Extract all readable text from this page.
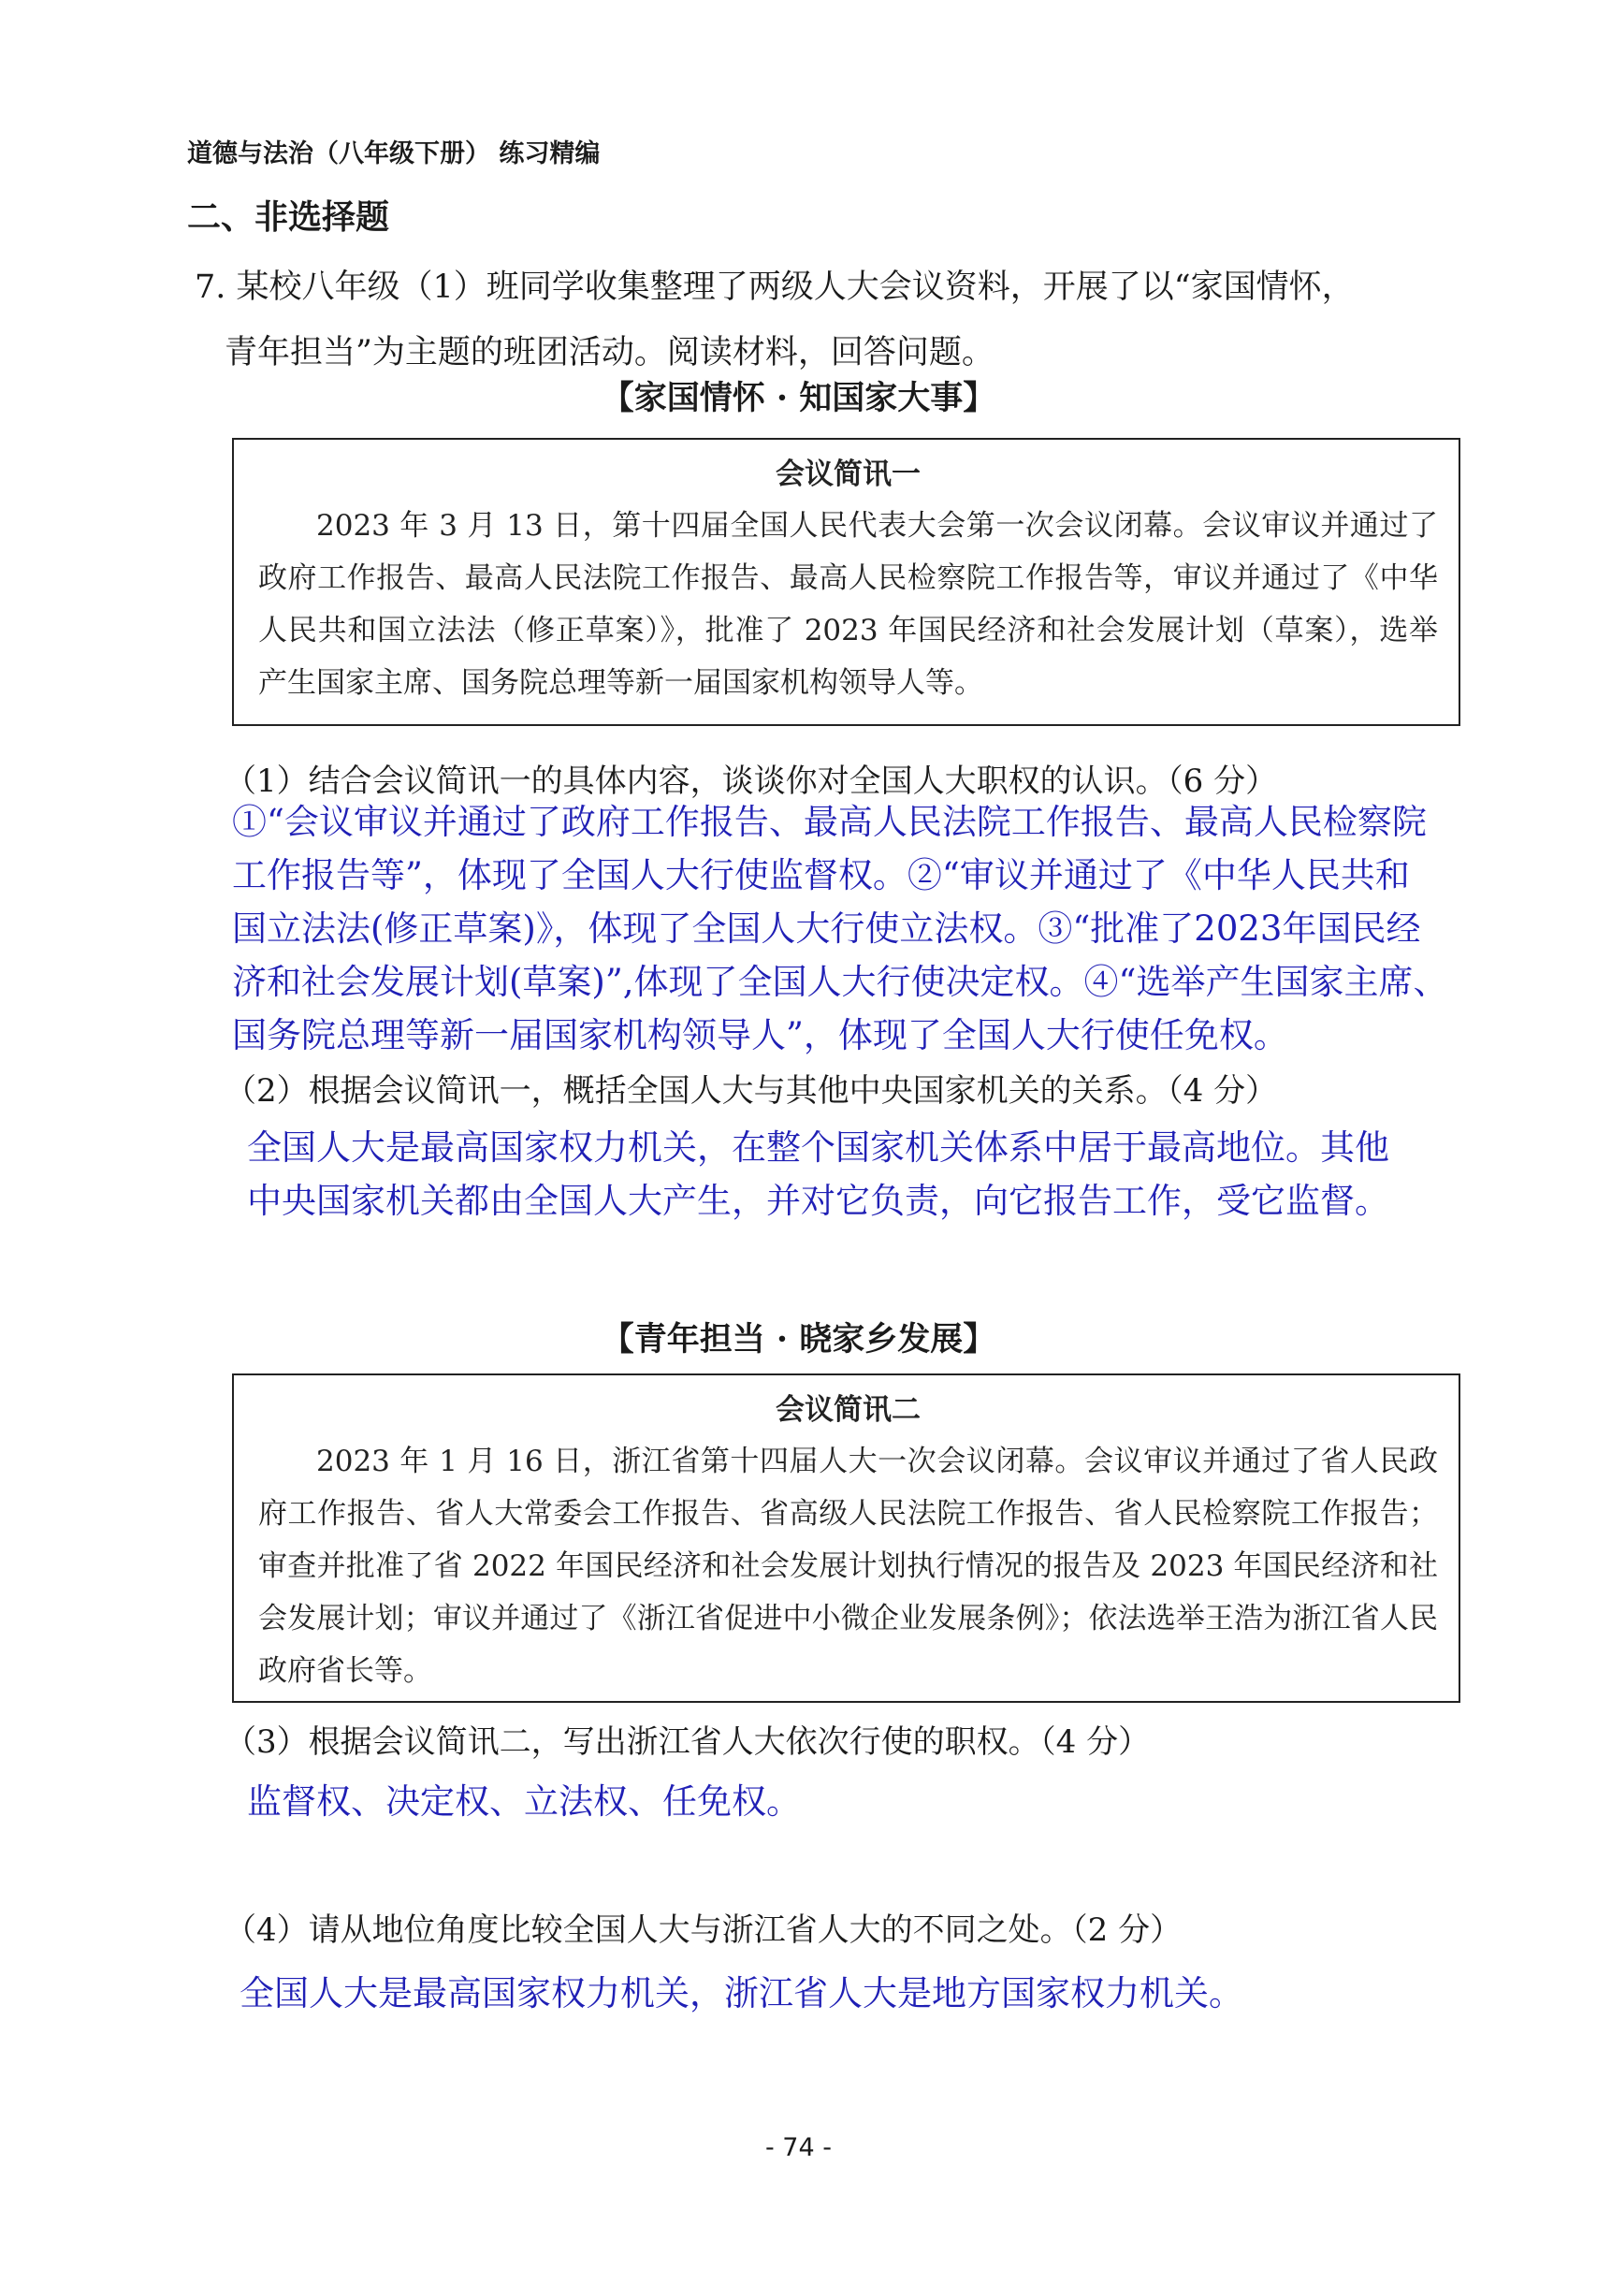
道德与法治（八年级下册） 练习精编
二、非选择题
7. 某校八年级（1）班同学收集整理了两级人大会议资料，开展了以“家国情怀，
青年担当”为主题的班团活动。阅读材料，回答问题。
【家国情怀 · 知国家大事】
会议简讯一

2023 年 3 月 13 日，第十四届全国人民代表大会第一次会议闭幕。会议审议并通过了政府工作报告、最高人民法院工作报告、最高人民检察院工作报告等，审议并通过了《中华人民共和国立法法（修正草案）》，批准了 2023 年国民经济和社会发展计划（草案），选举产生国家主席、国务院总理等新一届国家机构领导人等。

（1）结合会议简讯一的具体内容，谈谈你对全国人大职权的认识。（6 分）
①“会议审议并通过了政府工作报告、最高人民法院工作报告、最高人民检察院
工作报告等”，体现了全国人大行使监督权。②“审议并通过了《中华人民共和
国立法法(修正草案)》，体现了全国人大行使立法权。③“批准了2023年国民经
济和社会发展计划(草案)”,体现了全国人大行使决定权。④“选举产生国家主席、
国务院总理等新一届国家机构领导人”，体现了全国人大行使任免权。
（2）根据会议简讯一，概括全国人大与其他中央国家机关的关系。（4 分）
全国人大是最高国家权力机关，在整个国家机关体系中居于最高地位。其他
中央国家机关都由全国人大产生，并对它负责，向它报告工作，受它监督。
【青年担当 · 晓家乡发展】
会议简讯二

2023 年 1 月 16 日，浙江省第十四届人大一次会议闭幕。会议审议并通过了省人民政府工作报告、省人大常委会工作报告、省高级人民法院工作报告、省人民检察院工作报告；审查并批准了省 2022 年国民经济和社会发展计划执行情况的报告及 2023 年国民经济和社会发展计划；审议并通过了《浙江省促进中小微企业发展条例》；依法选举王浩为浙江省人民政府省长等。

（3）根据会议简讯二，写出浙江省人大依次行使的职权。（4 分）
监督权、决定权、立法权、任免权。
（4）请从地位角度比较全国人大与浙江省人大的不同之处。（2 分）
全国人大是最高国家权力机关，浙江省人大是地方国家权力机关。
- 74 -
